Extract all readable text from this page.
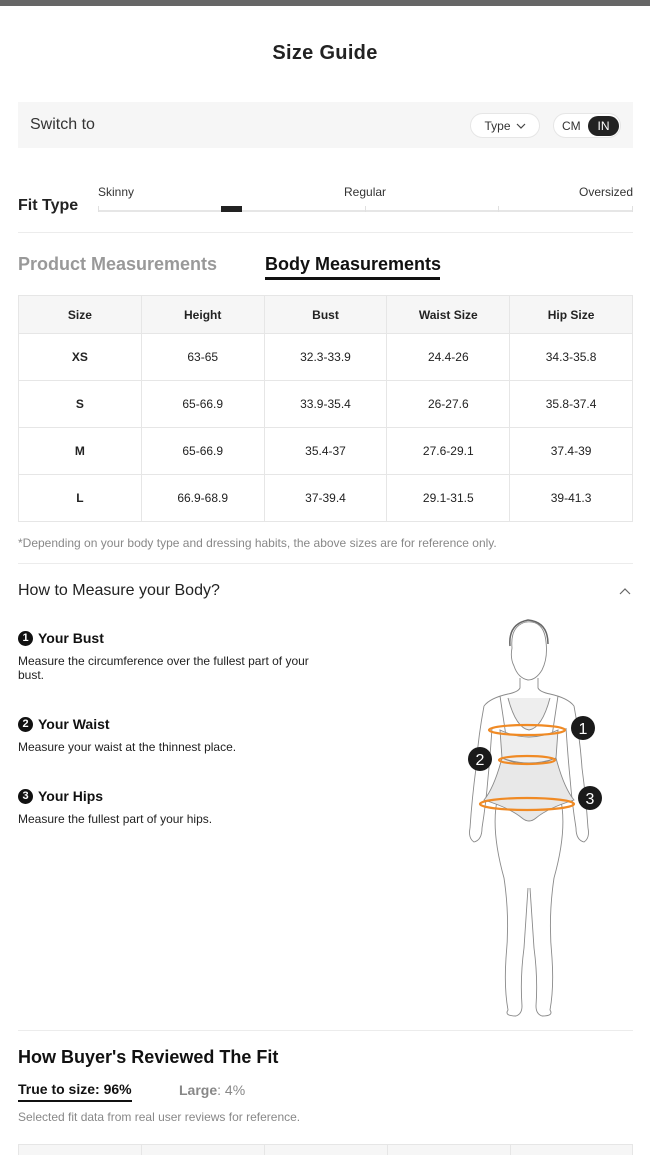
Size Guide
Switch to	Type	CM	IN
Fit Type
Skinny	Regular	Oversized
Product Measurements	Body Measurements
Size	Height	Bust	Waist Size	Hip Size
XS	63-65	32.3-33.9	24.4-26	34.3-35.8
S	65-66.9	33.9-35.4	26-27.6	35.8-37.4
M	65-66.9	35.4-37	27.6-29.1	37.4-39
L	66.9-68.9	37-39.4	29.1-31.5	39-41.3
*Depending on your body type and dressing habits, the above sizes are for reference only.
How to Measure your Body?
1 Your Bust
Measure the circumference over the fullest part of your bust.
2 Your Waist
Measure your waist at the thinnest place.
3 Your Hips
Measure the fullest part of your hips.
1
2
3
How Buyer's Reviewed The Fit
True to size: 96%	Large: 4%
Selected fit data from real user reviews for reference.
